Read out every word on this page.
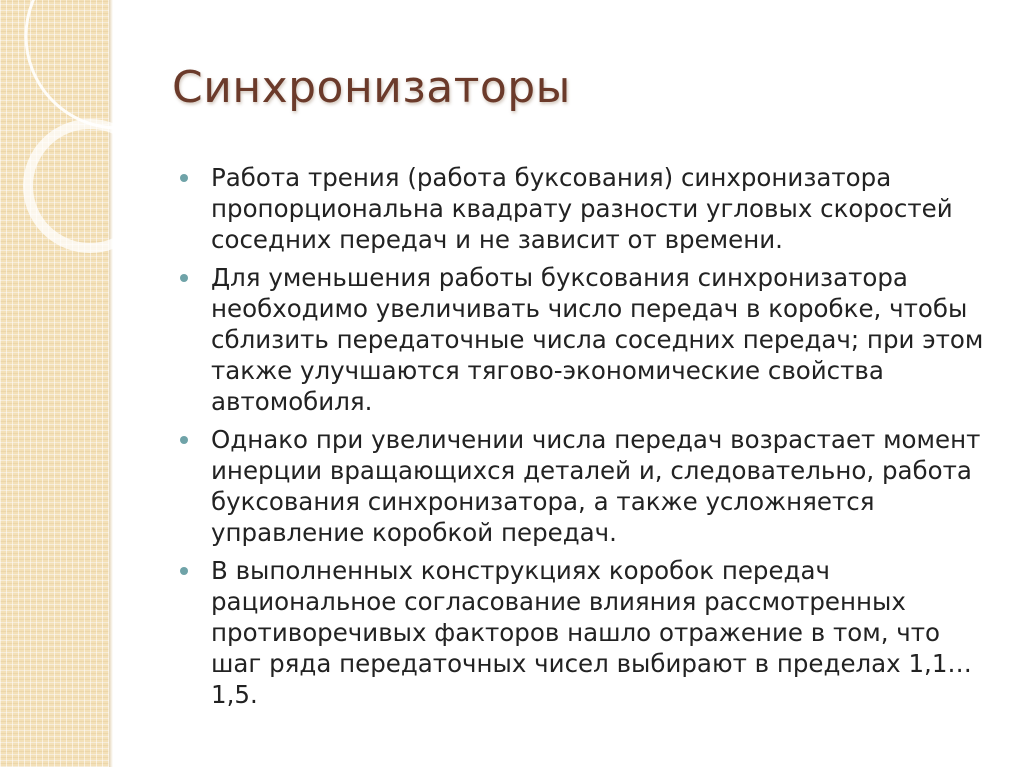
Синхронизаторы
Работа трения (работа буксования) синхронизатора пропорциональна квадрату разности угловых скоростей соседних передач и не зависит от времени.
Для уменьшения работы буксования синхронизатора необходимо увеличивать число передач в коробке, чтобы сблизить передаточные числа соседних передач; при этом также улучшаются тягово-экономические свойства автомобиля.
Однако при увеличении числа передач возрастает момент инерции вращающихся деталей и, следовательно, работа буксования синхронизатора, а также усложняется управление коробкой передач.
В выполненных конструкциях коробок передач рациональное согласование влияния рассмотренных противоречивых факторов нашло отражение в том, что шаг ряда передаточных чисел выбирают в пределах 1,1…1,5.
